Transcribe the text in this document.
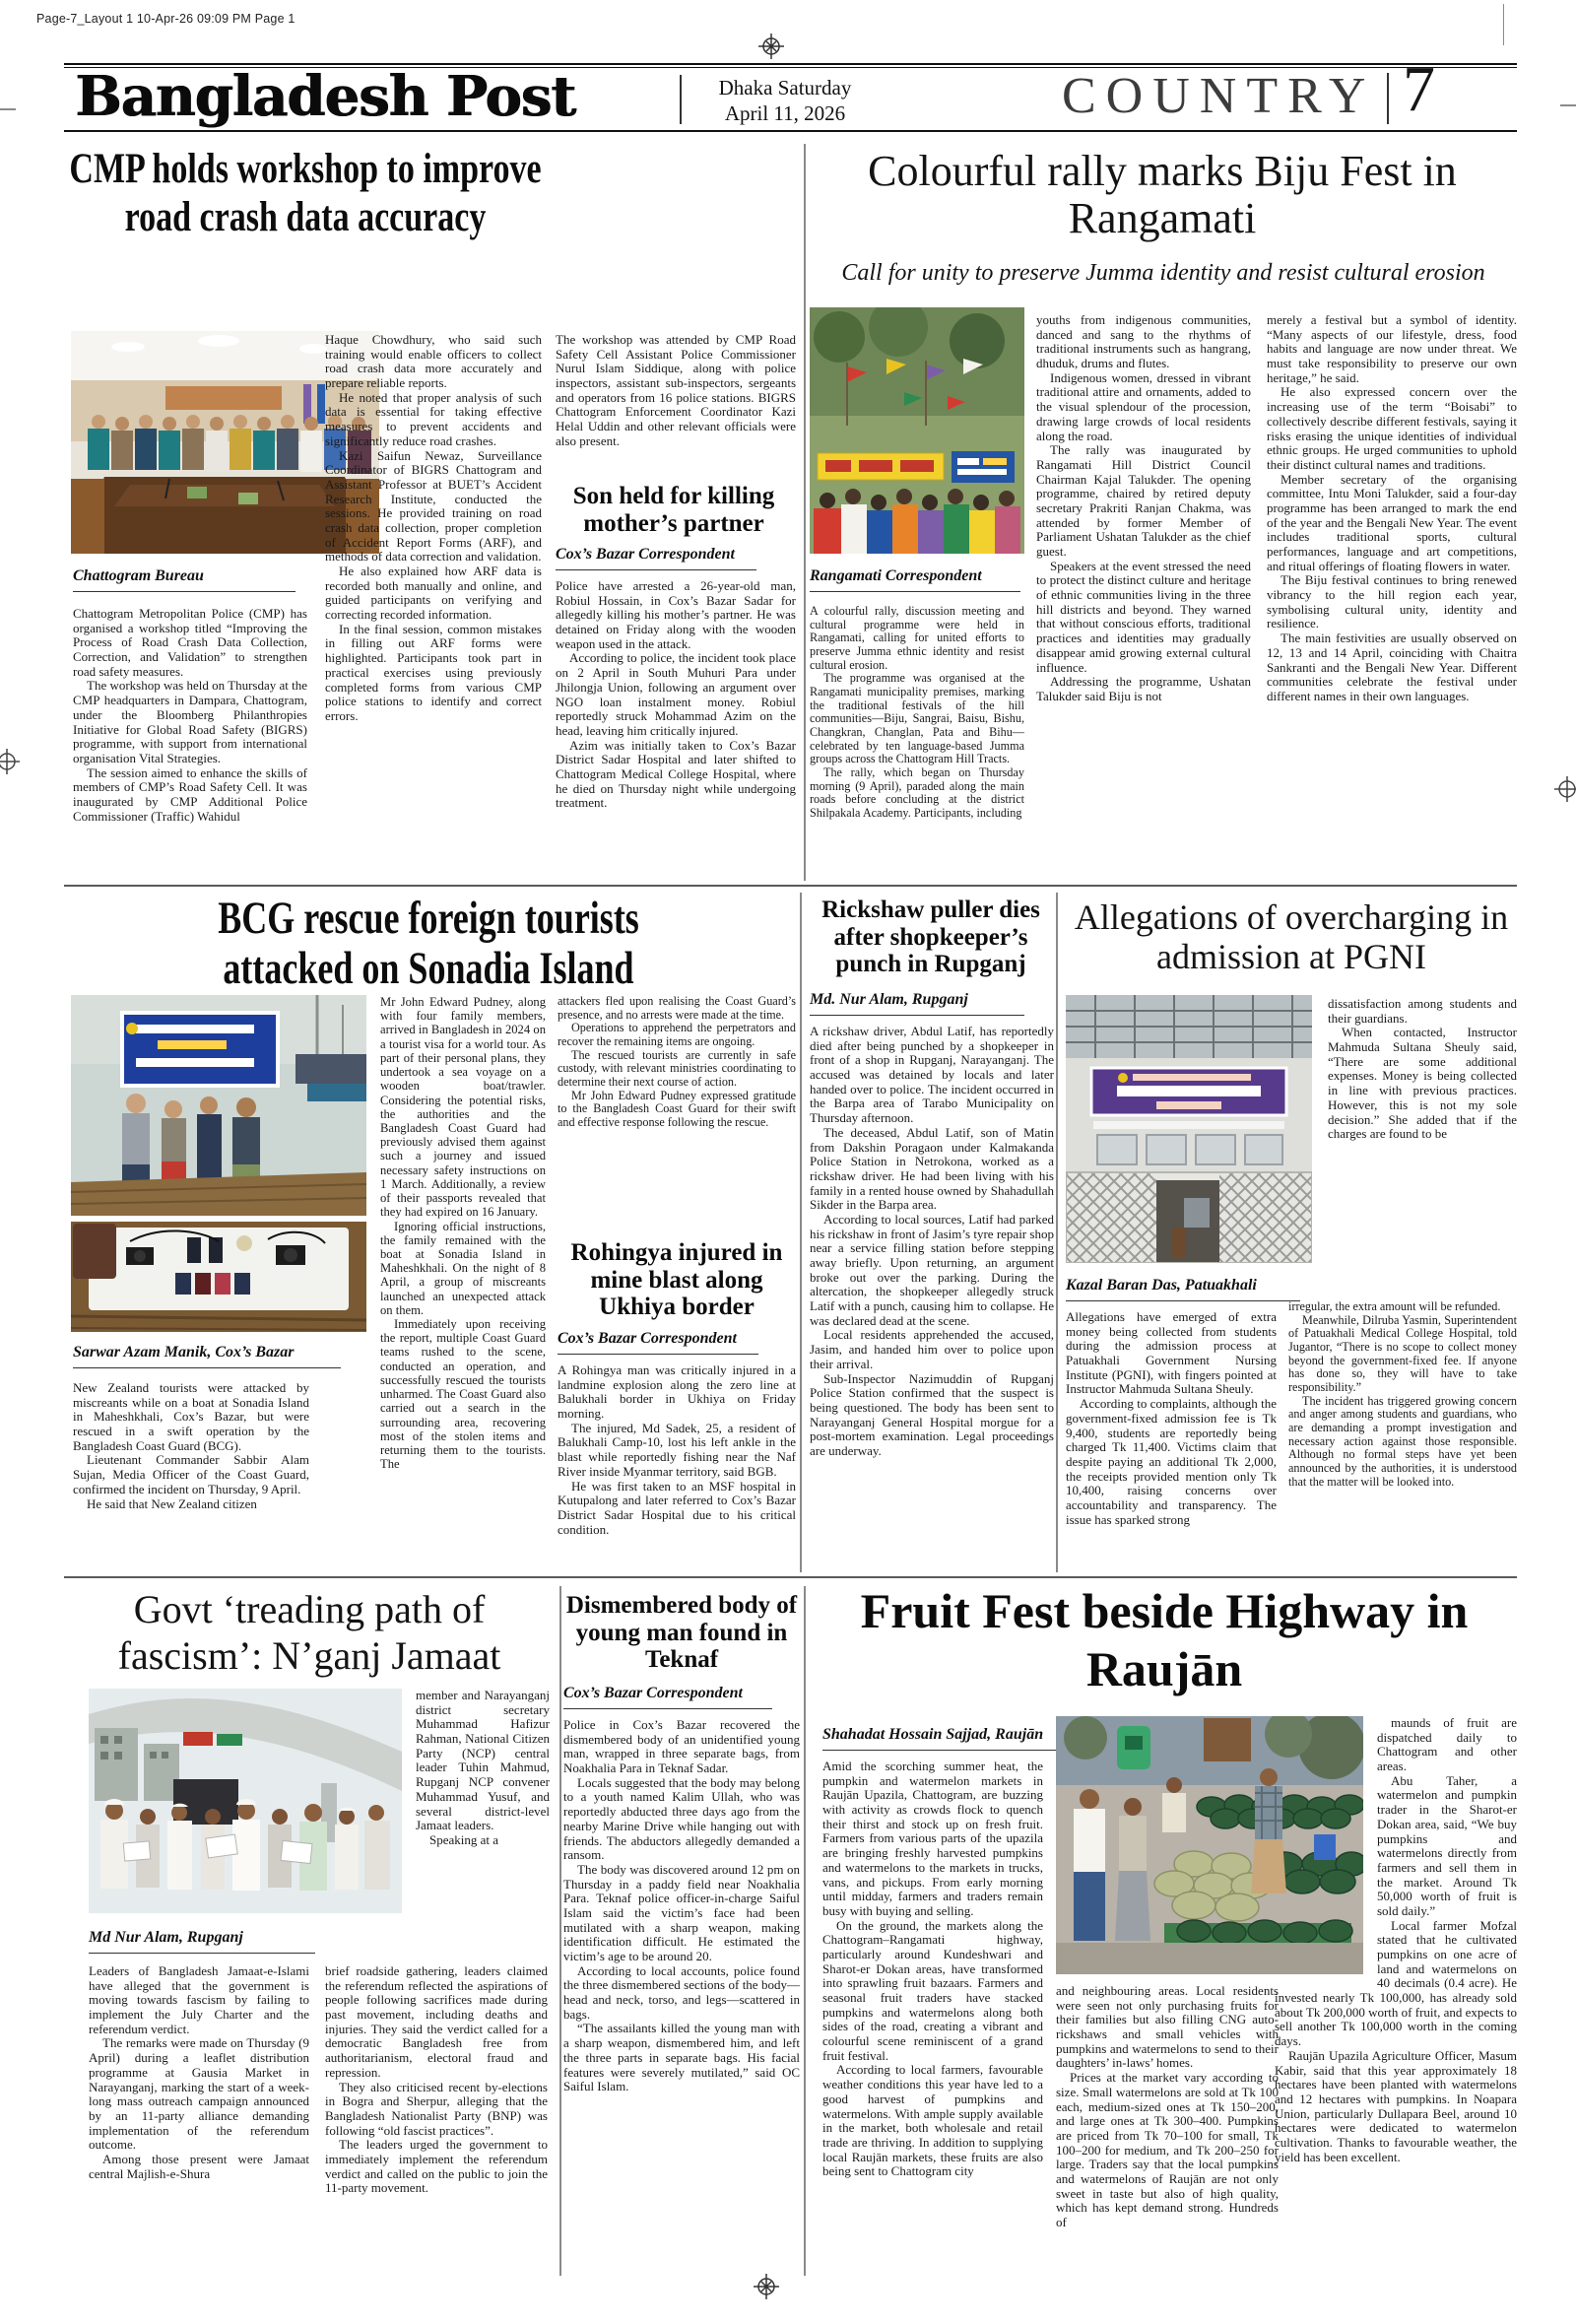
Page-7_Layout 1 10-Apr-26 09:09 PM Page 1
Bangladesh Post	Dhaka Saturday
April 11, 2026	COUNTRY 7
CMP holds workshop to improve road crash data accuracy
Chattogram Bureau

Chattogram Metropolitan Police (CMP) has organised a workshop titled “Improving the Process of Road Crash Data Collection, Correction, and Validation” to strengthen road safety measures.

The workshop was held on Thursday at the CMP headquarters in Dampara, Chattogram, under the Bloomberg Philanthropies Initiative for Global Road Safety (BIGRS) programme, with support from international organisation Vital Strategies.

The session aimed to enhance the skills of members of CMP’s Road Safety Cell. It was inaugurated by CMP Additional Police Commissioner (Traffic) Wahidul

Haque Chowdhury, who said such training would enable officers to collect road crash data more accurately and prepare reliable reports.

He noted that proper analysis of such data is essential for taking effective measures to prevent accidents and significantly reduce road crashes.

Kazi Saifun Newaz, Surveillance Coordinator of BIGRS Chattogram and Assistant Professor at BUET’s Accident Research Institute, conducted the sessions. He provided training on road crash data collection, proper completion of Accident Report Forms (ARF), and methods of data correction and validation.

He also explained how ARF data is recorded both manually and online, and guided participants on verifying and correcting recorded information.

In the final session, common mistakes in filling out ARF forms were highlighted. Participants took part in practical exercises using previously completed forms from various CMP police stations to identify and correct errors.

The workshop was attended by CMP Road Safety Cell Assistant Police Commissioner Nurul Islam Siddique, along with police inspectors, assistant sub-inspectors, sergeants and operators from 16 police stations. BIGRS Chattogram Enforcement Coordinator Kazi Helal Uddin and other relevant officials were also present.

Son held for killing mother’s partner
Cox’s Bazar Correspondent

Police have arrested a 26-year-old man, Robiul Hossain, in Cox’s Bazar Sadar for allegedly killing his mother’s partner. He was detained on Friday along with the wooden weapon used in the attack.

According to police, the incident took place on 2 April in South Muhuri Para under Jhilongja Union, following an argument over NGO loan instalment money. Robiul reportedly struck Mohammad Azim on the head, leaving him critically injured.

Azim was initially taken to Cox’s Bazar District Sadar Hospital and later shifted to Chattogram Medical College Hospital, where he died on Thursday night while undergoing treatment.

Colourful rally marks Biju Fest in Rangamati
Call for unity to preserve Jumma identity and resist cultural erosion
Rangamati Correspondent

A colourful rally, discussion meeting and cultural programme were held in Rangamati, calling for united efforts to preserve Jumma ethnic identity and resist cultural erosion.

The programme was organised at the Rangamati municipality premises, marking the traditional festivals of the hill communities—Biju, Sangrai, Baisu, Bishu, Changkran, Changlan, Pata and Bihu—celebrated by ten language-based Jumma groups across the Chattogram Hill Tracts.

The rally, which began on Thursday morning (9 April), paraded along the main roads before concluding at the district Shilpakala Academy. Participants, including

youths from indigenous communities, danced and sang to the rhythms of traditional instruments such as hangrang, dhuduk, drums and flutes.

Indigenous women, dressed in vibrant traditional attire and ornaments, added to the visual splendour of the procession, drawing large crowds of local residents along the road.

The rally was inaugurated by Rangamati Hill District Council Chairman Kajal Talukder. The opening programme, chaired by retired deputy secretary Prakriti Ranjan Chakma, was attended by former Member of Parliament Ushatan Talukder as the chief guest.

Speakers at the event stressed the need to protect the distinct culture and heritage of ethnic communities living in the three hill districts and beyond. They warned that without conscious efforts, traditional practices and identities may gradually disappear amid growing external cultural influence.

Addressing the programme, Ushatan Talukder said Biju is not

merely a festival but a symbol of identity. “Many aspects of our lifestyle, dress, food habits and language are now under threat. We must take responsibility to preserve our own heritage,” he said.

He also expressed concern over the increasing use of the term “Boisabi” to collectively describe different festivals, saying it risks erasing the unique identities of individual ethnic groups. He urged communities to uphold their distinct cultural names and traditions.

Member secretary of the organising committee, Intu Moni Talukder, said a four-day programme has been arranged to mark the end of the year and the Bengali New Year. The event includes traditional sports, cultural performances, language and art competitions, and ritual offerings of floating flowers in water.

The Biju festival continues to bring renewed vibrancy to the hill region each year, symbolising cultural unity, identity and resilience.

The main festivities are usually observed on 12, 13 and 14 April, coinciding with Chaitra Sankranti and the Bengali New Year. Different communities celebrate the festival under different names in their own languages.

BCG rescue foreign tourists attacked on Sonadia Island
Sarwar Azam Manik, Cox’s Bazar

New Zealand tourists were attacked by miscreants while on a boat at Sonadia Island in Maheshkhali, Cox’s Bazar, but were rescued in a swift operation by the Bangladesh Coast Guard (BCG).

Lieutenant Commander Sabbir Alam Sujan, Media Officer of the Coast Guard, confirmed the incident on Thursday, 9 April.

He said that New Zealand citizen

Mr John Edward Pudney, along with four family members, arrived in Bangladesh in 2024 on a tourist visa for a world tour. As part of their personal plans, they undertook a sea voyage on a wooden boat/trawler. Considering the potential risks, the authorities and the Bangladesh Coast Guard had previously advised them against such a journey and issued necessary safety instructions on 1 March. Additionally, a review of their passports revealed that they had expired on 16 January.

Ignoring official instructions, the family remained with the boat at Sonadia Island in Maheshkhali. On the night of 8 April, a group of miscreants launched an unexpected attack on them.

Immediately upon receiving the report, multiple Coast Guard teams rushed to the scene, conducted an operation, and successfully rescued the tourists unharmed. The Coast Guard also carried out a search in the surrounding area, recovering most of the stolen items and returning them to the tourists. The

attackers fled upon realising the Coast Guard’s presence, and no arrests were made at the time.

Operations to apprehend the perpetrators and recover the remaining items are ongoing.

The rescued tourists are currently in safe custody, with relevant ministries coordinating to determine their next course of action.

Mr John Edward Pudney expressed gratitude to the Bangladesh Coast Guard for their swift and effective response following the rescue.

Rohingya injured in mine blast along Ukhiya border
Cox’s Bazar Correspondent

A Rohingya man was critically injured in a landmine explosion along the zero line at Balukhali border in Ukhiya on Friday morning.

The injured, Md Sadek, 25, a resident of Balukhali Camp-10, lost his left ankle in the blast while reportedly fishing near the Naf River inside Myanmar territory, said BGB.

He was first taken to an MSF hospital in Kutupalong and later referred to Cox’s Bazar District Sadar Hospital due to his critical condition.

Rickshaw puller dies after shopkeeper’s punch in Rupganj
Md. Nur Alam, Rupganj

A rickshaw driver, Abdul Latif, has reportedly died after being punched by a shopkeeper in front of a shop in Rupganj, Narayanganj. The accused was detained by locals and later handed over to police. The incident occurred in the Barpa area of Tarabo Municipality on Thursday afternoon.

The deceased, Abdul Latif, son of Matin from Dakshin Poragaon under Kalmakanda Police Station in Netrokona, worked as a rickshaw driver. He had been living with his family in a rented house owned by Shahadullah Sikder in the Barpa area.

According to local sources, Latif had parked his rickshaw in front of Jasim’s tyre repair shop near a service filling station before stepping away briefly. Upon returning, an argument broke out over the parking. During the altercation, the shopkeeper allegedly struck Latif with a punch, causing him to collapse. He was declared dead at the scene.

Local residents apprehended the accused, Jasim, and handed him over to police upon their arrival.

Sub-Inspector Nazimuddin of Rupganj Police Station confirmed that the suspect is being questioned. The body has been sent to Narayanganj General Hospital morgue for a post-mortem examination. Legal proceedings are underway.

Allegations of overcharging in admission at PGNI

dissatisfaction among students and their guardians.

When contacted, Instructor Mahmuda Sultana Sheuly said, “There are some additional expenses. Money is being collected in line with previous practices. However, this is not my sole decision.” She added that if the charges are found to be

Kazal Baran Das, Patuakhali

Allegations have emerged of extra money being collected from students during the admission process at Patuakhali Government Nursing Institute (PGNI), with fingers pointed at Instructor Mahmuda Sultana Sheuly.

According to complaints, although the government-fixed admission fee is Tk 9,400, students are reportedly being charged Tk 11,400. Victims claim that despite paying an additional Tk 2,000, the receipts provided mention only Tk 10,400, raising concerns over accountability and transparency. The issue has sparked strong

irregular, the extra amount will be refunded.

Meanwhile, Dilruba Yasmin, Superintendent of Patuakhali Medical College Hospital, told Jugantor, “There is no scope to collect money beyond the government-fixed fee. If anyone has done so, they will have to take responsibility.”

The incident has triggered growing concern and anger among students and guardians, who are demanding a prompt investigation and necessary action against those responsible. Although no formal steps have yet been announced by the authorities, it is understood that the matter will be looked into.

Govt ‘treading path of fascism’: N’ganj Jamaat

member and Narayanganj district secretary Muhammad Hafizur Rahman, National Citizen Party (NCP) central leader Tuhin Mahmud, Rupganj NCP convener Muhammad Yusuf, and several district-level Jamaat leaders.

Speaking at a

Md Nur Alam, Rupganj

Leaders of Bangladesh Jamaat-e-Islami have alleged that the government is moving towards fascism by failing to implement the July Charter and the referendum verdict.

The remarks were made on Thursday (9 April) during a leaflet distribution programme at Gausia Market in Narayanganj, marking the start of a week-long mass outreach campaign announced by an 11-party alliance demanding implementation of the referendum outcome.

Among those present were Jamaat central Majlish-e-Shura

brief roadside gathering, leaders claimed the referendum reflected the aspirations of people following sacrifices made during past movement, including deaths and injuries. They said the verdict called for a democratic Bangladesh free from authoritarianism, electoral fraud and repression.

They also criticised recent by-elections in Bogra and Sherpur, alleging that the Bangladesh Nationalist Party (BNP) was following “old fascist practices”.

The leaders urged the government to immediately implement the referendum verdict and called on the public to join the 11-party movement.

Dismembered body of young man found in Teknaf
Cox’s Bazar Correspondent

Police in Cox’s Bazar recovered the dismembered body of an unidentified young man, wrapped in three separate bags, from Noakhalia Para in Teknaf Sadar.

Locals suggested that the body may belong to a youth named Kalim Ullah, who was reportedly abducted three days ago from the nearby Marine Drive while hanging out with friends. The abductors allegedly demanded a ransom.

The body was discovered around 12 pm on Thursday in a paddy field near Noakhalia Para. Teknaf police officer-in-charge Saiful Islam said the victim’s face had been mutilated with a sharp weapon, making identification difficult. He estimated the victim’s age to be around 20.

According to local accounts, police found the three dismembered sections of the body—head and neck, torso, and legs—scattered in bags.

“The assailants killed the young man with a sharp weapon, dismembered him, and left the three parts in separate bags. His facial features were severely mutilated,” said OC Saiful Islam.

Fruit Fest beside Highway in Raujān
Shahadat Hossain Sajjad, Raujān

Amid the scorching summer heat, the pumpkin and watermelon markets in Raujān Upazila, Chattogram, are buzzing with activity as crowds flock to quench their thirst and stock up on fresh fruit. Farmers from various parts of the upazila are bringing freshly harvested pumpkins and watermelons to the markets in trucks, vans, and pickups. From early morning until midday, farmers and traders remain busy with buying and selling.

On the ground, the markets along the Chattogram–Rangamati highway, particularly around Kundeshwari and Sharot-er Dokan areas, have transformed into sprawling fruit bazaars. Farmers and seasonal fruit traders have stacked pumpkins and watermelons along both sides of the road, creating a vibrant and colourful scene reminiscent of a grand fruit festival.

According to local farmers, favourable weather conditions this year have led to a good harvest of pumpkins and watermelons. With ample supply available in the market, both wholesale and retail trade are thriving. In addition to supplying local Raujān markets, these fruits are also being sent to Chattogram city

and neighbouring areas. Local residents were seen not only purchasing fruits for their families but also filling CNG auto-rickshaws and small vehicles with pumpkins and watermelons to send to their daughters’ in-laws’ homes.

Prices at the market vary according to size. Small watermelons are sold at Tk 100 each, medium-sized ones at Tk 150–200, and large ones at Tk 300–400. Pumpkins are priced from Tk 70–100 for small, Tk 100–200 for medium, and Tk 200–250 for large. Traders say that the local pumpkins and watermelons of Raujān are not only sweet in taste but also of high quality, which has kept demand strong. Hundreds of

maunds of fruit are dispatched daily to Chattogram and other areas.

Abu Taher, a watermelon and pumpkin trader in the Sharot-er Dokan area, said, “We buy pumpkins and watermelons directly from farmers and sell them in the market. Around Tk 50,000 worth of fruit is sold daily.”

Local farmer Mofzal stated that he cultivated pumpkins on one acre of land and watermelons on 40 decimals (0.4 acre). He invested nearly Tk 100,000, has already sold about Tk 200,000 worth of fruit, and expects to sell another Tk 100,000 worth in the coming days.

Raujān Upazila Agriculture Officer, Masum Kabir, said that this year approximately 18 hectares have been planted with watermelons and 12 hectares with pumpkins. In Noapara Union, particularly Dullapara Beel, around 10 hectares were dedicated to watermelon cultivation. Thanks to favourable weather, the yield has been excellent.
